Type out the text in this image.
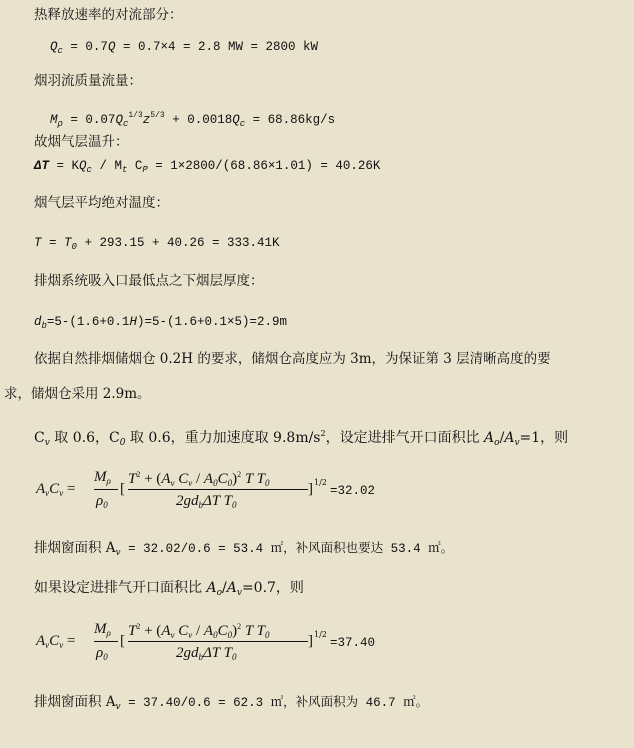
热释放速率的对流部分：
$Q_c = 0.7Q = 0.7\times 4 = 2.8$ MW = 2800 kW
烟羽流质量流量：
$M_\rho = 0.07Q_c^{1/3}z^{5/3} + 0.0018Q_c = 68.86kg/s$
故烟气层温升：
$\Delta T = KQ_c / M_t$ $C_P = 1\times 2800/(68.86\times 1.01) = 40.26K$
烟气层平均绝对温度：
$T = T_0 + 293.15 + 40.26 = 333.41K$
排烟系统吸入口最低点之下烟层厚度：
$d_b=5-(1.6+0.1H)=5-(1.6+0.1\times 5)=2.9m$
依据自然排烟储烟仓 0.2H 的要求，储烟仓高度应为 3m，为保证第 3 层清晰高度的要
求，储烟仓采用 2.9m。
$C_v$ 取 0.6，$C_0$ 取 0.6，重力加速度取 $9.8m/s^2$，设定进排气开口面积比 $A_o/A_v=1$，则
$A_vC_v$ =
$M_\rho$
$\rho_0$
[
$T^2 + (A_v$ $C_v / A_0C_0)^2$ T $T_0$
$2gd_b\Delta T$ $T_0$
] 1/2
=32.02
排烟窗面积 $A_v = 32.02/0.6 = 53.4$ ㎡，补风面积也要达 53.4 ㎡。
如果设定进排气开口面积比 $A_o/A_v=0.7$，则
$A_vC_v$ =
$M_\rho$
$\rho_0$
[
$T^2 + (A_v$ $C_v / A_0C_0)^2$ T $T_0$
$2gd_b\Delta T$ $T_0$
] 1/2
=37.40
排烟窗面积 $A_v = 37.40/0.6 = 62.3$ ㎡，补风面积为 46.7 ㎡。
